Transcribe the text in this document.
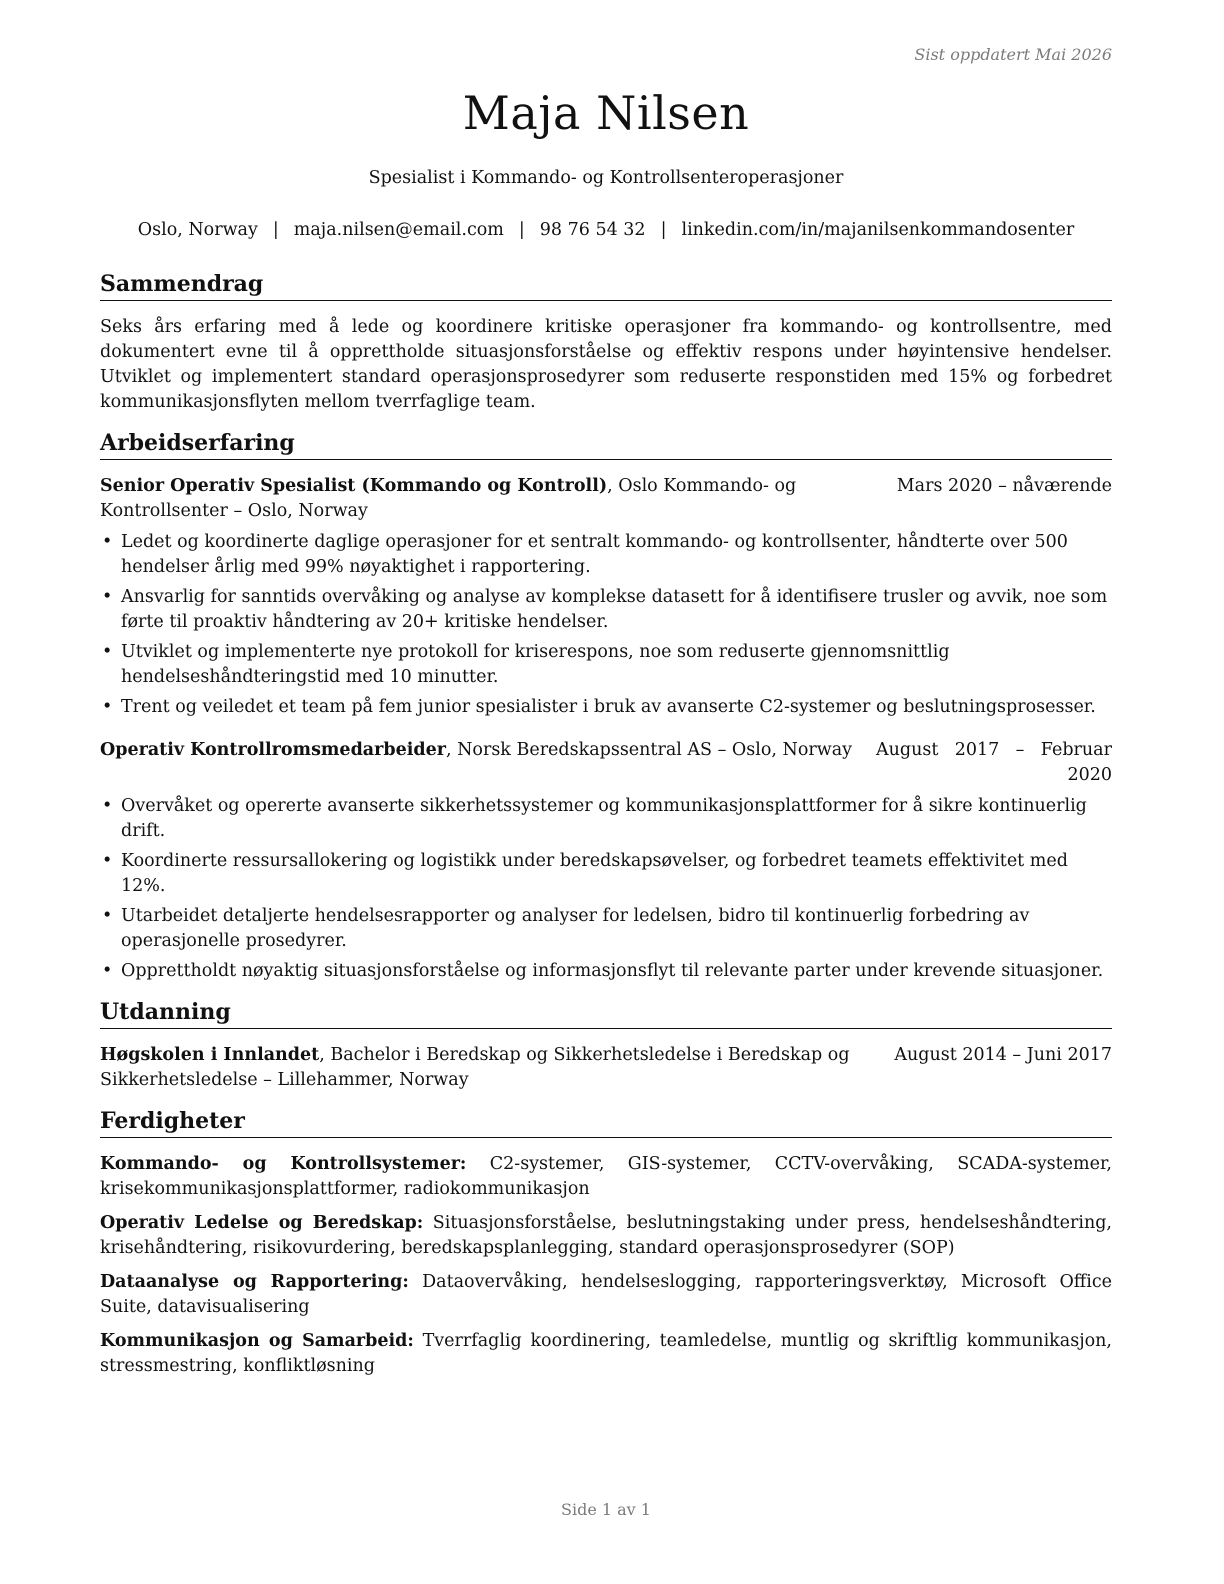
Sist oppdatert Mai 2026
Maja Nilsen
Spesialist i Kommando- og Kontrollsenteroperasjoner
Oslo, Norway | maja.nilsen@email.com | 98 76 54 32 | linkedin.com/in/majanilsenkommandosenter
Sammendrag

Seks års erfaring med å lede og koordinere kritiske operasjoner fra kommando- og kontrollsentre, med dokumentert evne til å opprettholde situasjonsforståelse og effektiv respons under høyintensive hendelser. Utviklet og implementert standard operasjonsprosedyrer som reduserte responstiden med 15% og forbedret kommunikasjonsflyten mellom tverrfaglige team.

Arbeidserfaring
Senior Operativ Spesialist (Kommando og Kontroll), Oslo Kommando- og Kontrollsenter – Oslo, Norway
Mars 2020 – nåværende
• Ledet og koordinerte daglige operasjoner for et sentralt kommando- og kontrollsenter, håndterte over 500 hendelser årlig med 99% nøyaktighet i rapportering.
• Ansvarlig for sanntids overvåking og analyse av komplekse datasett for å identifisere trusler og avvik, noe som førte til proaktiv håndtering av 20+ kritiske hendelser.
• Utviklet og implementerte nye protokoll for kriserespons, noe som reduserte gjennomsnittlig hendelseshåndteringstid med 10 minutter.
• Trent og veiledet et team på fem junior spesialister i bruk av avanserte C2-systemer og beslutningsprosesser.
Operativ Kontrollromsmedarbeider, Norsk Beredskapssentral AS – Oslo, Norway	August 2017 – Februar 2020
• Overvåket og opererte avanserte sikkerhetssystemer og kommunikasjonsplattformer for å sikre kontinuerlig drift.
• Koordinerte ressursallokering og logistikk under beredskapsøvelser, og forbedret teamets effektivitet med 12%.
• Utarbeidet detaljerte hendelsesrapporter og analyser for ledelsen, bidro til kontinuerlig forbedring av operasjonelle prosedyrer.
• Opprettholdt nøyaktig situasjonsforståelse og informasjonsflyt til relevante parter under krevende situasjoner.
Utdanning
Høgskolen i Innlandet, Bachelor i Beredskap og Sikkerhetsledelse i Beredskap og Sikkerhetsledelse – Lillehammer, Norway
August 2014 – Juni 2017
Ferdigheter
Kommando- og Kontrollsystemer: C2-systemer, GIS-systemer, CCTV-overvåking, SCADA-systemer, krisekommunikasjonsplattformer, radiokommunikasjon
Operativ Ledelse og Beredskap: Situasjonsforståelse, beslutningstaking under press, hendelseshåndtering, krisehåndtering, risikovurdering, beredskapsplanlegging, standard operasjonsprosedyrer (SOP)
Dataanalyse og Rapportering: Dataovervåking, hendelseslogging, rapporteringsverktøy, Microsoft Office Suite, datavisualisering
Kommunikasjon og Samarbeid: Tverrfaglig koordinering, teamledelse, muntlig og skriftlig kommunikasjon, stressmestring, konfliktløsning
Side 1 av 1
